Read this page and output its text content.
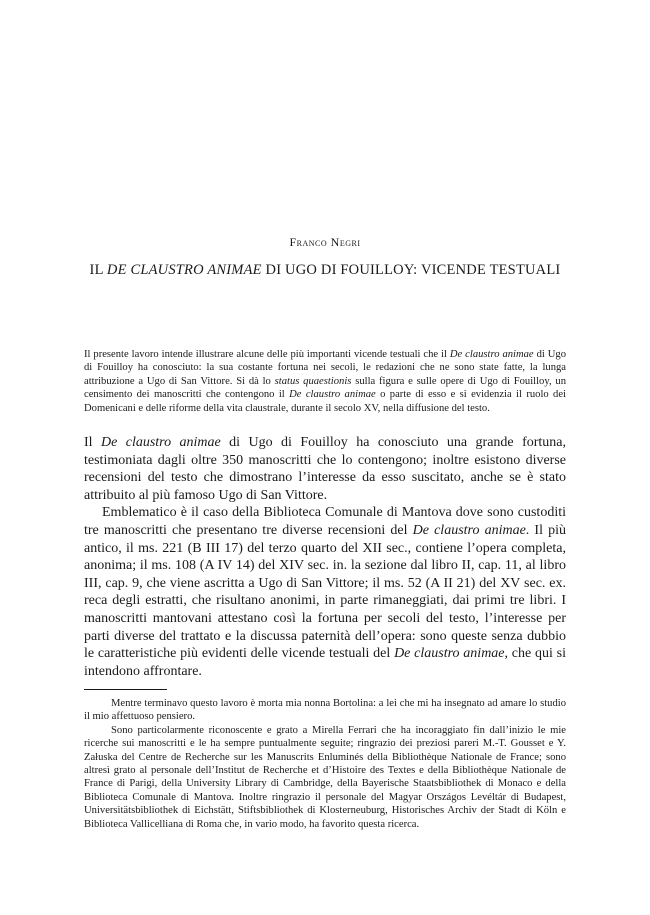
Franco Negri
IL DE CLAUSTRO ANIMAE DI UGO DI FOUILLOY: VICENDE TESTUALI

Il presente lavoro intende illustrare alcune delle più importanti vicende testuali che il De claustro animae di Ugo di Fouilloy ha conosciuto: la sua costante fortuna nei secoli, le redazioni che ne sono state fatte, la lunga attribuzione a Ugo di San Vittore. Si dà lo status quaestionis sulla figura e sulle opere di Ugo di Fouilloy, un censimento dei manoscritti che contengono il De claustro animae o parte di esso e si evidenzia il ruolo dei Domenicani e delle riforme della vita claustrale, durante il secolo XV, nella diffusione del testo.

Il De claustro animae di Ugo di Fouilloy ha conosciuto una grande fortuna, testimoniata dagli oltre 350 manoscritti che lo contengono; inoltre esistono diverse recensioni del testo che dimostrano l’interesse da esso suscitato, anche se è stato attribuito al più famoso Ugo di San Vittore.

Emblematico è il caso della Biblioteca Comunale di Mantova dove sono custoditi tre manoscritti che presentano tre diverse recensioni del De claustro animae. Il più antico, il ms. 221 (B III 17) del terzo quarto del XII sec., contiene l’opera completa, anonima; il ms. 108 (A IV 14) del XIV sec. in. la sezione dal libro II, cap. 11, al libro III, cap. 9, che viene ascritta a Ugo di San Vittore; il ms. 52 (A II 21) del XV sec. ex. reca degli estratti, che risultano anonimi, in parte rimaneggiati, dai primi tre libri. I manoscritti mantovani attestano così la fortuna per secoli del testo, l’interesse per parti diverse del trattato e la discussa paternità dell’opera: sono queste senza dubbio le caratteristiche più evidenti delle vicende testuali del De claustro animae, che qui si intendono affrontare.

Mentre terminavo questo lavoro è morta mia nonna Bortolina: a lei che mi ha insegnato ad amare lo studio il mio affettuoso pensiero.

Sono particolarmente riconoscente e grato a Mirella Ferrari che ha incoraggiato fin dall’inizio le mie ricerche sui manoscritti e le ha sempre puntualmente seguite; ringrazio dei preziosi pareri M.-T. Gousset e Y. Załuska del Centre de Recherche sur les Manuscrits Enluminés della Bibliothèque Nationale de France; sono altresì grato al personale dell’Institut de Recherche et d’Histoire des Textes e della Bibliothèque Nationale de France di Parigi, della University Library di Cambridge, della Bayerische Staatsbibliothek di Monaco e della Biblioteca Comunale di Mantova. Inoltre ringrazio il personale del Magyar Országos Levéltár di Budapest, Universitätsbibliothek di Eichstätt, Stiftsbibliothek di Klosterneuburg, Historisches Archiv der Stadt di Köln e Biblioteca Vallicelliana di Roma che, in vario modo, ha favorito questa ricerca.
